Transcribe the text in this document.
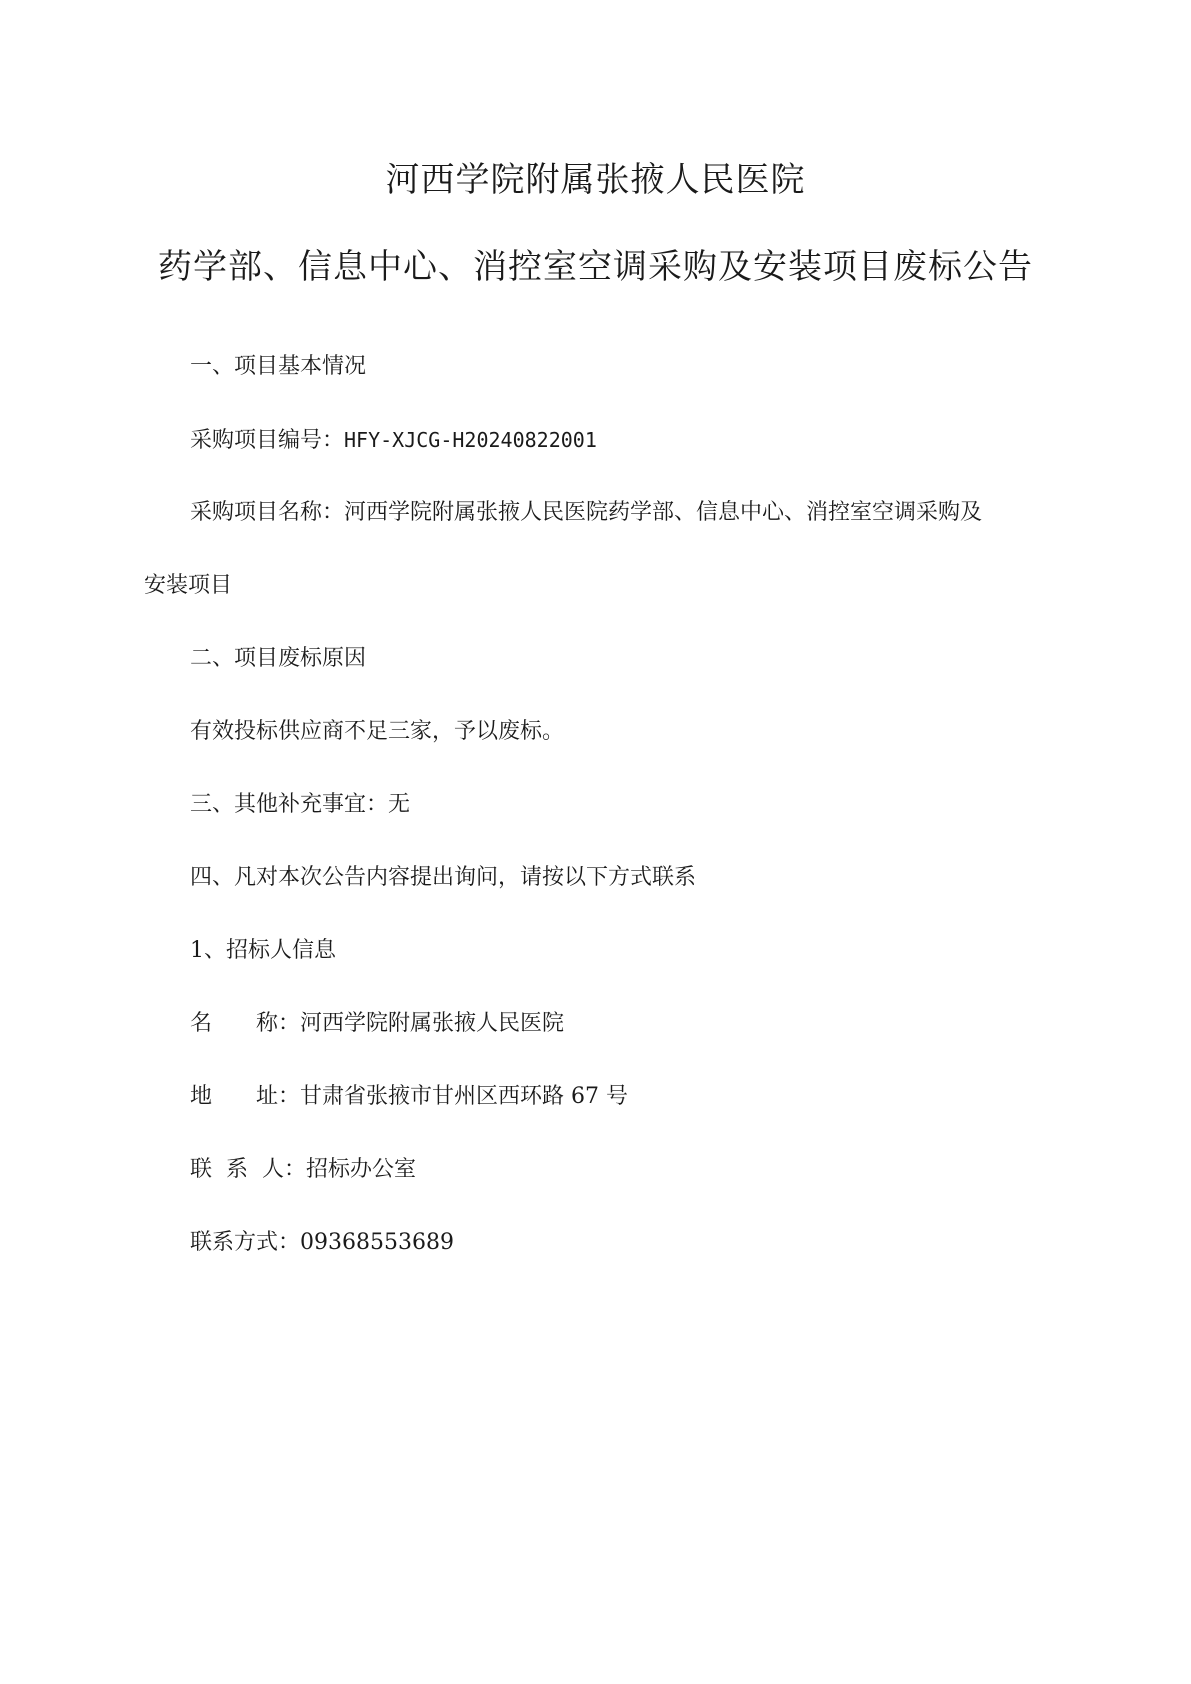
河西学院附属张掖人民医院
药学部、信息中心、消控室空调采购及安装项目废标公告
一、项目基本情况
采购项目编号：HFY-XJCG-H20240822001
采购项目名称：河西学院附属张掖人民医院药学部、信息中心、消控室空调采购及
安装项目
二、项目废标原因
有效投标供应商不足三家，予以废标。
三、其他补充事宜：无
四、凡对本次公告内容提出询问，请按以下方式联系
1、招标人信息
名 称：河西学院附属张掖人民医院
地 址：甘肃省张掖市甘州区西环路 67 号
联 系 人：招标办公室
联系方式：09368553689
